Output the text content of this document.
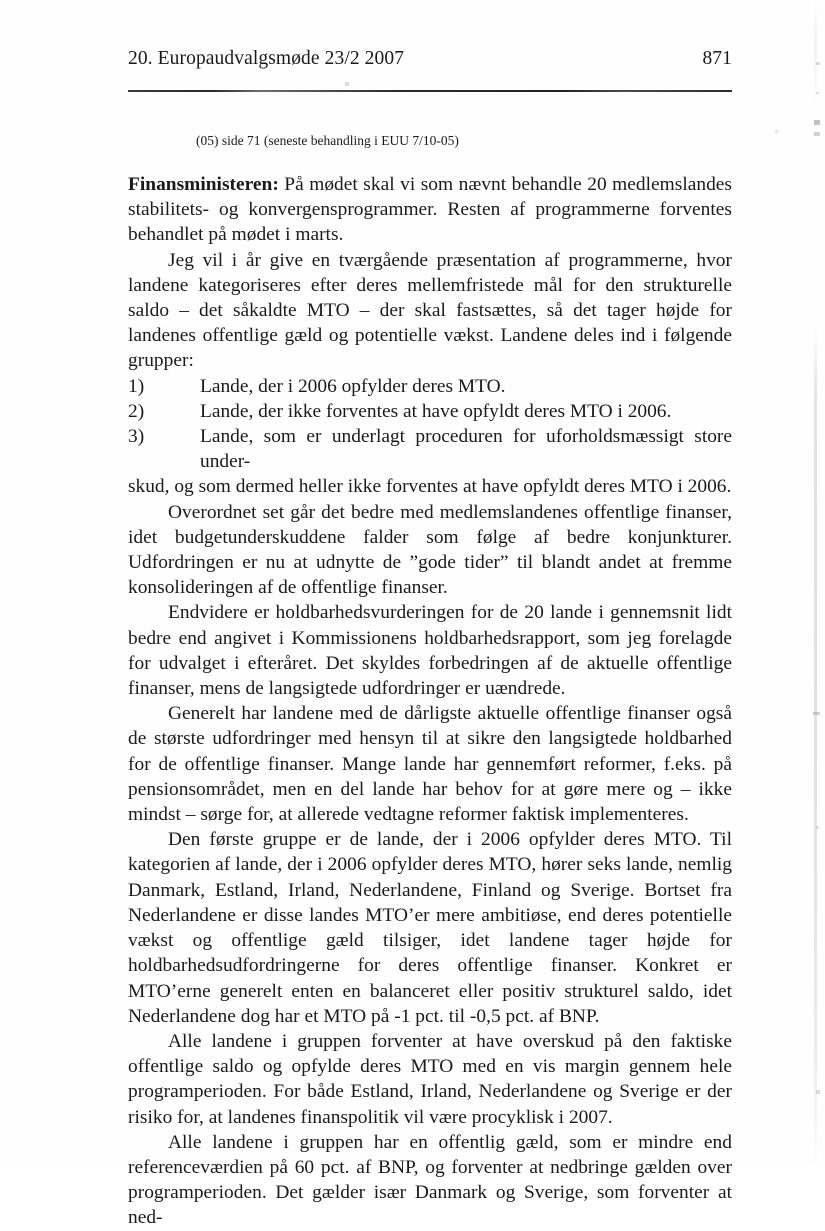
20. Europaudvalgsmøde 23/2 2007	871
(05) side 71 (seneste behandling i EUU 7/10-05)

Finansministeren: På mødet skal vi som nævnt behandle 20 medlemslandes stabilitets- og konvergensprogrammer. Resten af programmerne forventes behandlet på mødet i marts.

Jeg vil i år give en tværgående præsentation af programmerne, hvor landene kategoriseres efter deres mellemfristede mål for den strukturelle saldo – det såkaldte MTO – der skal fastsættes, så det tager højde for landenes offentlige gæld og potentielle vækst. Landene deles ind i følgende grupper:

1)	Lande, der i 2006 opfylder deres MTO.
2)	Lande, der ikke forventes at have opfyldt deres MTO i 2006.
3)	Lande, som er underlagt proceduren for uforholdsmæssigt store under-

skud, og som dermed heller ikke forventes at have opfyldt deres MTO i 2006.

Overordnet set går det bedre med medlemslandenes offentlige finanser, idet budgetunderskuddene falder som følge af bedre konjunkturer. Udfordringen er nu at udnytte de ”gode tider” til blandt andet at fremme konsolideringen af de offentlige finanser.

Endvidere er holdbarhedsvurderingen for de 20 lande i gennemsnit lidt bedre end angivet i Kommissionens holdbarhedsrapport, som jeg forelagde for udvalget i efteråret. Det skyldes forbedringen af de aktuelle offentlige finanser, mens de langsigtede udfordringer er uændrede.

Generelt har landene med de dårligste aktuelle offentlige finanser også de største udfordringer med hensyn til at sikre den langsigtede holdbarhed for de offentlige finanser. Mange lande har gennemført reformer, f.eks. på pensionsområdet, men en del lande har behov for at gøre mere og – ikke mindst – sørge for, at allerede vedtagne reformer faktisk implementeres.

Den første gruppe er de lande, der i 2006 opfylder deres MTO. Til kategorien af lande, der i 2006 opfylder deres MTO, hører seks lande, nemlig Danmark, Estland, Irland, Nederlandene, Finland og Sverige. Bortset fra Nederlandene er disse landes MTO’er mere ambitiøse, end deres potentielle vækst og offentlige gæld tilsiger, idet landene tager højde for holdbarhedsudfordringerne for deres offentlige finanser. Konkret er MTO’erne generelt enten en balanceret eller positiv strukturel saldo, idet Nederlandene dog har et MTO på -1 pct. til -0,5 pct. af BNP.

Alle landene i gruppen forventer at have overskud på den faktiske offentlige saldo og opfylde deres MTO med en vis margin gennem hele programperioden. For både Estland, Irland, Nederlandene og Sverige er der risiko for, at landenes finanspolitik vil være procyklisk i 2007.

Alle landene i gruppen har en offentlig gæld, som er mindre end referenceværdien på 60 pct. af BNP, og forventer at nedbringe gælden over programperioden. Det gælder især Danmark og Sverige, som forventer at ned-
